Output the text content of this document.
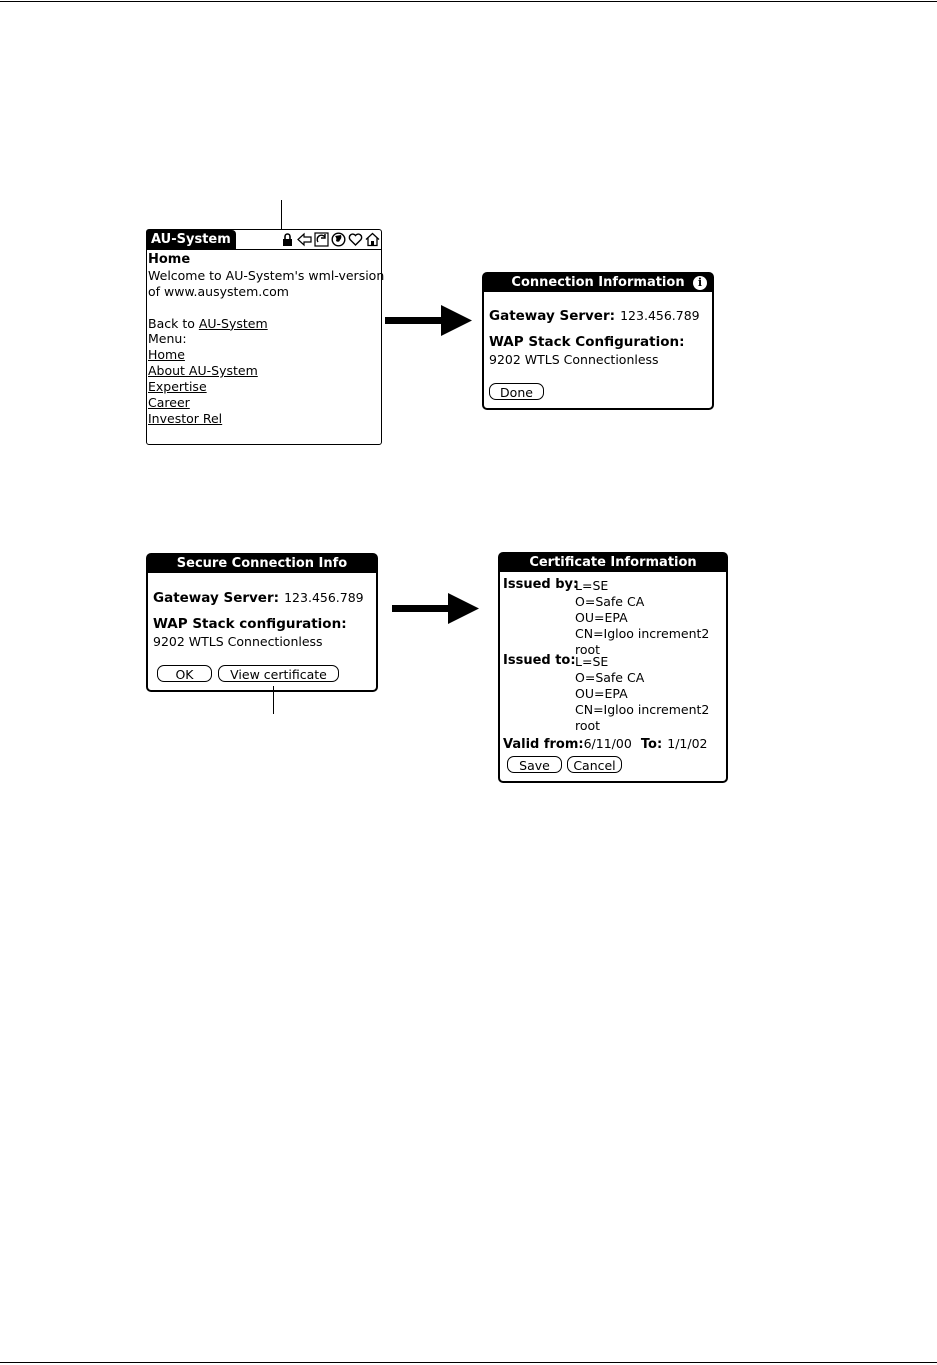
AU-System
Home
Welcome to AU-System's wml-version
of www.ausystem.com
Back to AU-System
Menu:
Home
About AU-System
Expertise
Career
Investor Rel
Connection Information	i
Gateway Server: 123.456.789
WAP Stack Configuration:
9202 WTLS Connectionless
Done
Secure Connection Info
Gateway Server: 123.456.789
WAP Stack configuration:
9202 WTLS Connectionless
OK	View certificate
Certificate Information
Issued by:
L=SE
O=Safe CA
OU=EPA
CN=Igloo increment2
root
Issued to: L=SE
O=Safe CA
OU=EPA
CN=Igloo increment2
root
Valid from:6/11/00 To: 1/1/02
Save	Cancel
